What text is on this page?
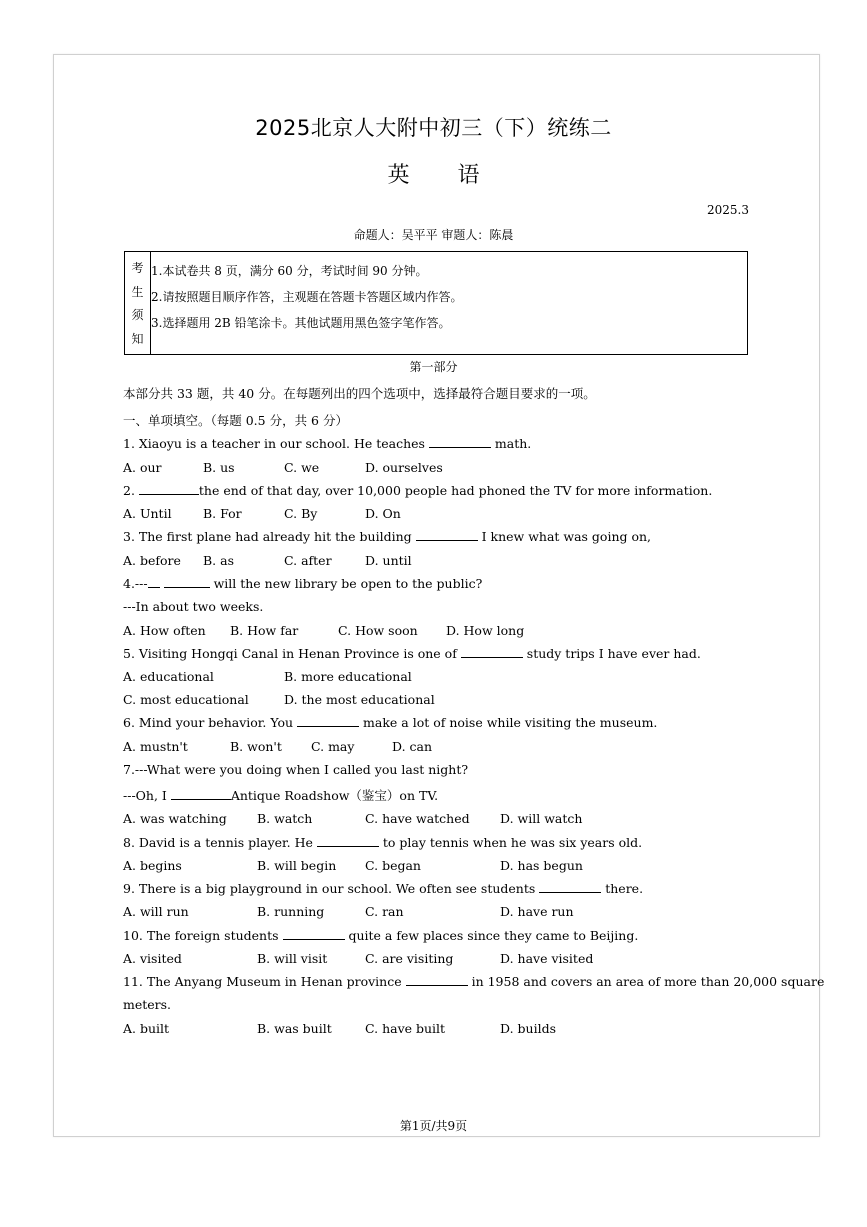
2025北京人大附中初三（下）统练二
英 语
2025.3
命题人：吴平平 审题人：陈晨
考
生
须
知
1.本试卷共 8 页，满分 60 分，考试时间 90 分钟。
2.请按照题目顺序作答，主观题在答题卡答题区域内作答。
3.选择题用 2B 铅笔涂卡。其他试题用黑色签字笔作答。
第一部分
本部分共 33 题，共 40 分。在每题列出的四个选项中，选择最符合题目要求的一项。
一、单项填空。（每题 0.5 分，共 6 分）
1. Xiaoyu is a teacher in our school. He teaches	math.
A. our	B. us	C. we	D. ourselves
2.	the end of that day, over 10,000 people had phoned the TV for more information.
A. Until	B. For	C. By	D. On
3. The first plane had already hit the building	I knew what was going on,
A. before B. as	C. after	D. until
4.---	will the new library be open to the public?
---In about two weeks.
A. How often B. How far	C. How soon D. How long
5. Visiting Hongqi Canal in Henan Province is one of	study trips I have ever had.
A. educational	B. more educational
C. most educational	D. the most educational
6. Mind your behavior. You	make a lot of noise while visiting the museum.
A. mustn't	B. won't C. may	D. can
7.---What were you doing when I called you last night?
---Oh, I	Antique Roadshow（鉴宝）on TV.
A. was watching B. watch	C. have watched D. will watch
8. David is a tennis player. He	to play tennis when he was six years old.
A. begins	B. will begin C. began	D. has begun
9. There is a big playground in our school. We often see students	there.
A. will run	B. running	C. ran	D. have run
10. The foreign students	quite a few places since they came to Beijing.
A. visited	B. will visit	C. are visiting	D. have visited
11. The Anyang Museum in Henan province	in 1958 and covers an area of more than 20,000 square
meters.
A. built	B. was built	C. have built	D. builds
第1页/共9页
